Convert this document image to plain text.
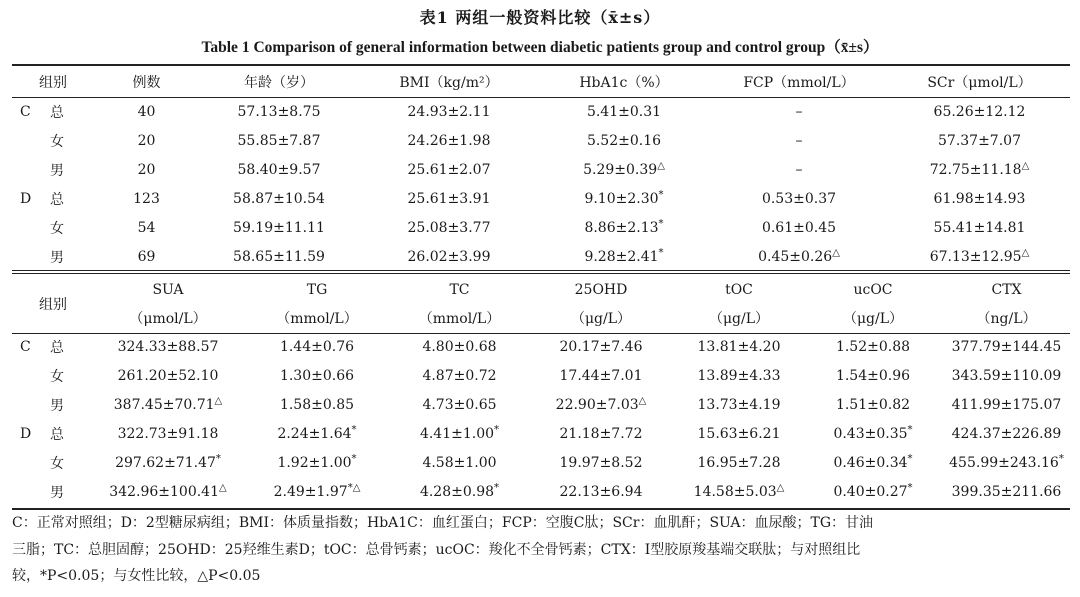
表1 两组一般资料比较（x̄±s）
Table 1 Comparison of general information between diabetic patients group and control group（x̄±s）
组别		例数	年龄（岁）	BMI（kg/m²）	HbA1c（%）	FCP（mmol/L）	SCr（μmol/L）
C	总	40	57.13±8.75	24.93±2.11	5.41±0.31	–	65.26±12.12
	女	20	55.85±7.87	24.26±1.98	5.52±0.16	–	57.37±7.07
	男	20	58.40±9.57	25.61±2.07	5.29±0.39△	–	72.75±11.18△
D	总	123	58.87±10.54	25.61±3.91	9.10±2.30*	0.53±0.37	61.98±14.93
	女	54	59.19±11.11	25.08±3.77	8.86±2.13*	0.61±0.45	55.41±14.81
	男	69	58.65±11.59	26.02±3.99	9.28±2.41*	0.45±0.26△	67.13±12.95△
组别		SUA	TG	TC	25OHD	tOC	ucOC	CTX
		（μmol/L）	（mmol/L）	（mmol/L）	（μg/L）	（μg/L）	（μg/L）	（ng/L）
C	总	324.33±88.57	1.44±0.76	4.80±0.68	20.17±7.46	13.81±4.20	1.52±0.88	377.79±144.45
	女	261.20±52.10	1.30±0.66	4.87±0.72	17.44±7.01	13.89±4.33	1.54±0.96	343.59±110.09
	男	387.45±70.71△	1.58±0.85	4.73±0.65	22.90±7.03△	13.73±4.19	1.51±0.82	411.99±175.07
D	总	322.73±91.18	2.24±1.64*	4.41±1.00*	21.18±7.72	15.63±6.21	0.43±0.35*	424.37±226.89
	女	297.62±71.47*	1.92±1.00*	4.58±1.00	19.97±8.52	16.95±7.28	0.46±0.34*	455.99±243.16*
	男	342.96±100.41△	2.49±1.97*△	4.28±0.98*	22.13±6.94	14.58±5.03△	0.40±0.27*	399.35±211.66
C：正常对照组；D：2型糖尿病组；BMI：体质量指数；HbA1C：血红蛋白；FCP：空腹C肽；SCr：血肌酐；SUA：血尿酸；TG：甘油
三脂；TC：总胆固醇；25OHD：25羟维生素D；tOC：总骨钙素；ucOC：羧化不全骨钙素；CTX：Ⅰ型胶原羧基端交联肽；与对照组比
较，*P<0.05；与女性比较，△P<0.05
